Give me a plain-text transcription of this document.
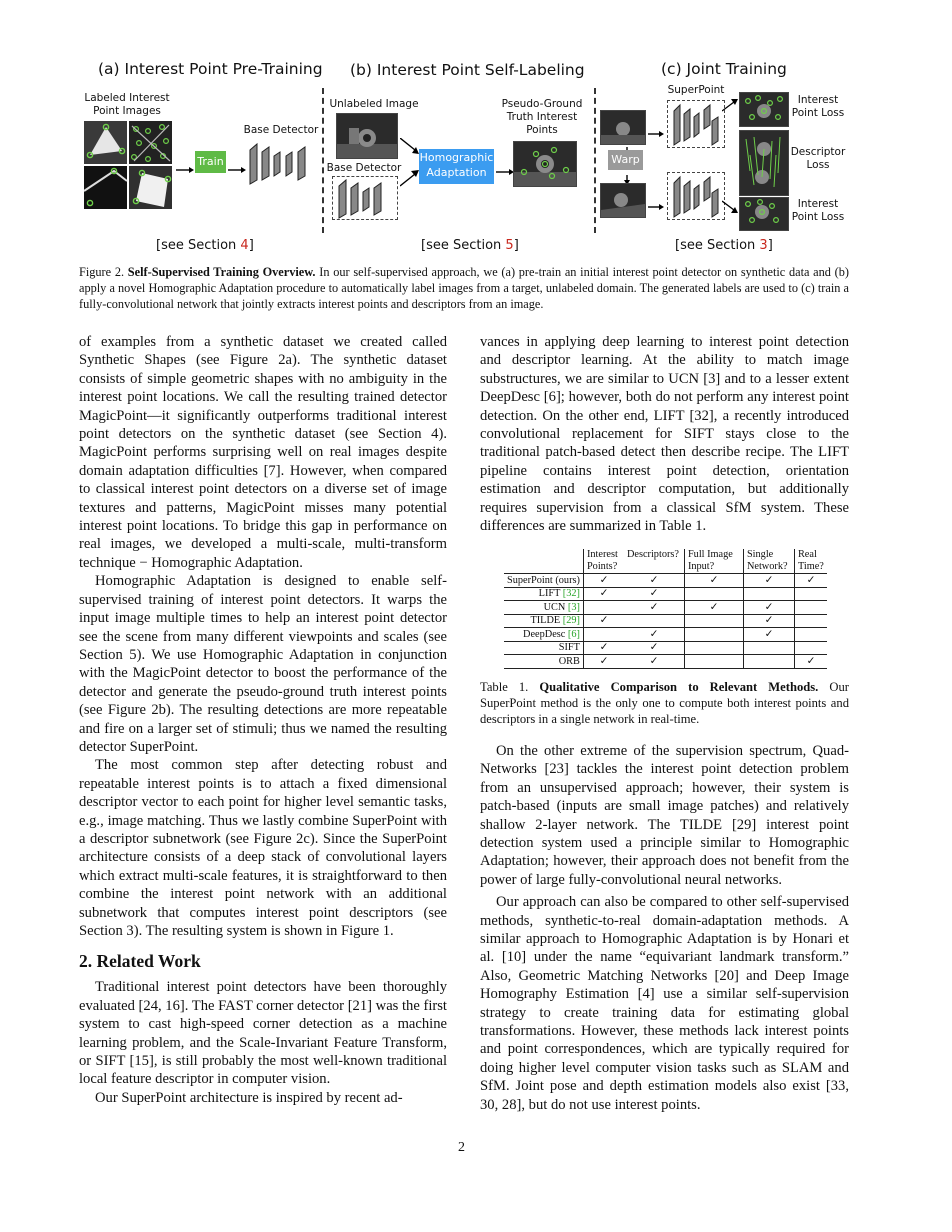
(a) Interest Point Pre-Training (b) Interest Point Self-Labeling	(c) Joint Training
Labeled Interest Point Images
Train
Base Detector
Unlabeled Image
Base Detector
Homographic Adaptation
Pseudo-Ground Truth Interest Points
SuperPoint
Warp
Interest Point Loss
Descriptor Loss
Interest Point Loss
[see Section 4]	[see Section 5]	[see Section 3]
Figure 2. Self-Supervised Training Overview. In our self-supervised approach, we (a) pre-train an initial interest point detector on synthetic data and (b) apply a novel Homographic Adaptation procedure to automatically label images from a target, unlabeled domain. The generated labels are used to (c) train a fully-convolutional network that jointly extracts interest points and descriptors from an image.

of examples from a synthetic dataset we created called Synthetic Shapes (see Figure 2a). The synthetic dataset consists of simple geometric shapes with no ambiguity in the interest point locations. We call the resulting trained detector MagicPoint—it significantly outperforms traditional interest point detectors on the synthetic dataset (see Section 4). MagicPoint performs surprising well on real images despite domain adaptation difficulties [7]. However, when compared to classical interest point detectors on a diverse set of image textures and patterns, MagicPoint misses many potential interest point locations. To bridge this gap in performance on real images, we developed a multi-scale, multi-transform technique − Homographic Adaptation.

Homographic Adaptation is designed to enable self-supervised training of interest point detectors. It warps the input image multiple times to help an interest point detector see the scene from many different viewpoints and scales (see Section 5). We use Homographic Adaptation in conjunction with the MagicPoint detector to boost the performance of the detector and generate the pseudo-ground truth interest points (see Figure 2b). The resulting detections are more repeatable and fire on a larger set of stimuli; thus we named the resulting detector SuperPoint.

The most common step after detecting robust and repeatable interest points is to attach a fixed dimensional descriptor vector to each point for higher level semantic tasks, e.g., image matching. Thus we lastly combine SuperPoint with a descriptor subnetwork (see Figure 2c). Since the SuperPoint architecture consists of a deep stack of convolutional layers which extract multi-scale features, it is straightforward to then combine the interest point network with an additional subnetwork that computes interest point descriptors (see Section 3). The resulting system is shown in Figure 1.

2. Related Work

Traditional interest point detectors have been thoroughly evaluated [24, 16]. The FAST corner detector [21] was the first system to cast high-speed corner detection as a machine learning problem, and the Scale-Invariant Feature Transform, or SIFT [15], is still probably the most well-known traditional local feature descriptor in computer vision.

Our SuperPoint architecture is inspired by recent ad-

vances in applying deep learning to interest point detection and descriptor learning. At the ability to match image substructures, we are similar to UCN [3] and to a lesser extent DeepDesc [6]; however, both do not perform any interest point detection. On the other end, LIFT [32], a recently introduced convolutional replacement for SIFT stays close to the traditional patch-based detect then describe recipe. The LIFT pipeline contains interest point detection, orientation estimation and descriptor computation, but additionally requires supervision from a classical SfM system. These differences are summarized in Table 1.

	Interest Points?	Descriptors?	Full Image Input?	Single Network?	Real Time?
SuperPoint (ours)	✓	✓	✓	✓	✓
LIFT [32]	✓	✓			
UCN [3]		✓	✓	✓	
TILDE [29]	✓			✓	
DeepDesc [6]		✓		✓	
SIFT	✓	✓			
ORB	✓	✓			✓
Table 1. Qualitative Comparison to Relevant Methods. Our SuperPoint method is the only one to compute both interest points and descriptors in a single network in real-time.

On the other extreme of the supervision spectrum, Quad-Networks [23] tackles the interest point detection problem from an unsupervised approach; however, their system is patch-based (inputs are small image patches) and relatively shallow 2-layer network. The TILDE [29] interest point detection system used a principle similar to Homographic Adaptation; however, their approach does not benefit from the power of large fully-convolutional neural networks.

Our approach can also be compared to other self-supervised methods, synthetic-to-real domain-adaptation methods. A similar approach to Homographic Adaptation is by Honari et al. [10] under the name “equivariant landmark transform.” Also, Geometric Matching Networks [20] and Deep Image Homography Estimation [4] use a similar self-supervision strategy to create training data for estimating global transformations. However, these methods lack interest points and point correspondences, which are typically required for doing higher level computer vision tasks such as SLAM and SfM. Joint pose and depth estimation models also exist [33, 30, 28], but do not use interest points.

2
